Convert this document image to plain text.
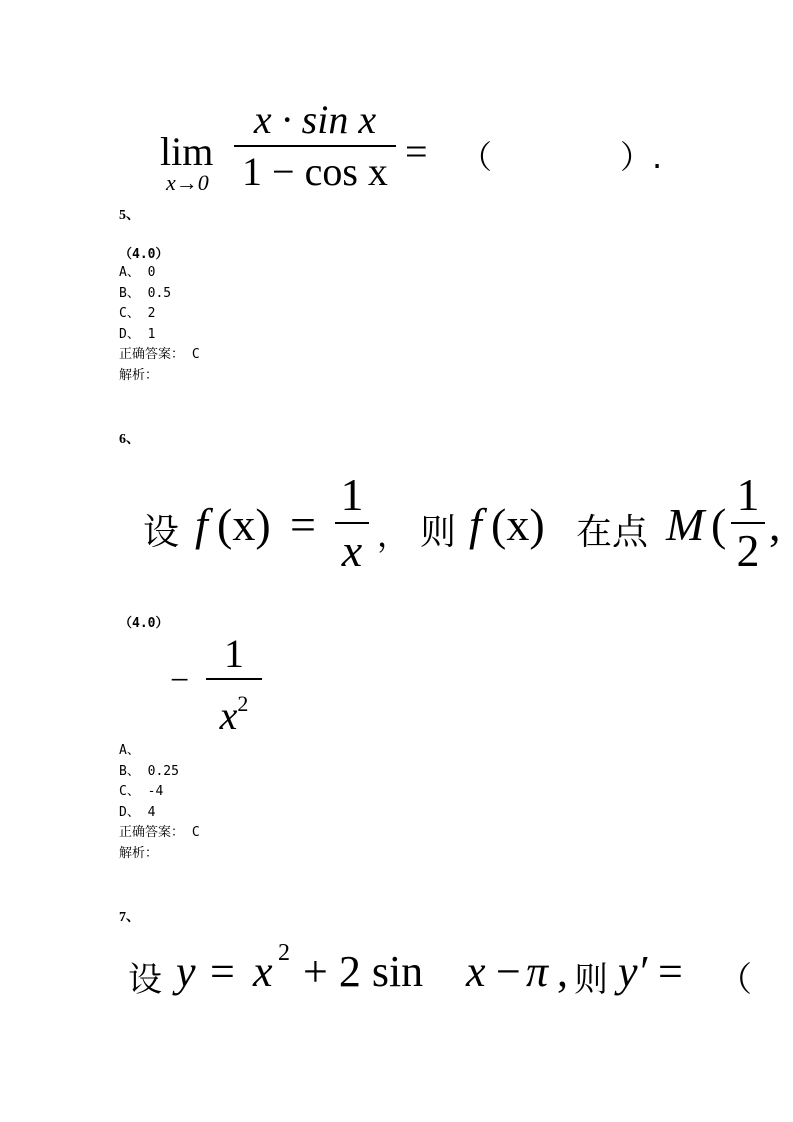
lim
x→0
x · sin x
1 − cos x = （　　　　）.
5、
（4.0）
A、 0
B、 0.5
C、 2
D、 1
正确答案： C
解析：
6、
设 f (x) =
1
x ， 则 f (x) 在点 M (
1
2
,
（4.0）
−
1
$x^2$
A、
B、 0.25
C、 -4
D、 4
正确答案： C
解析：
7、
设 y = x 2 + 2 sin x − π , 则 y′ = （
